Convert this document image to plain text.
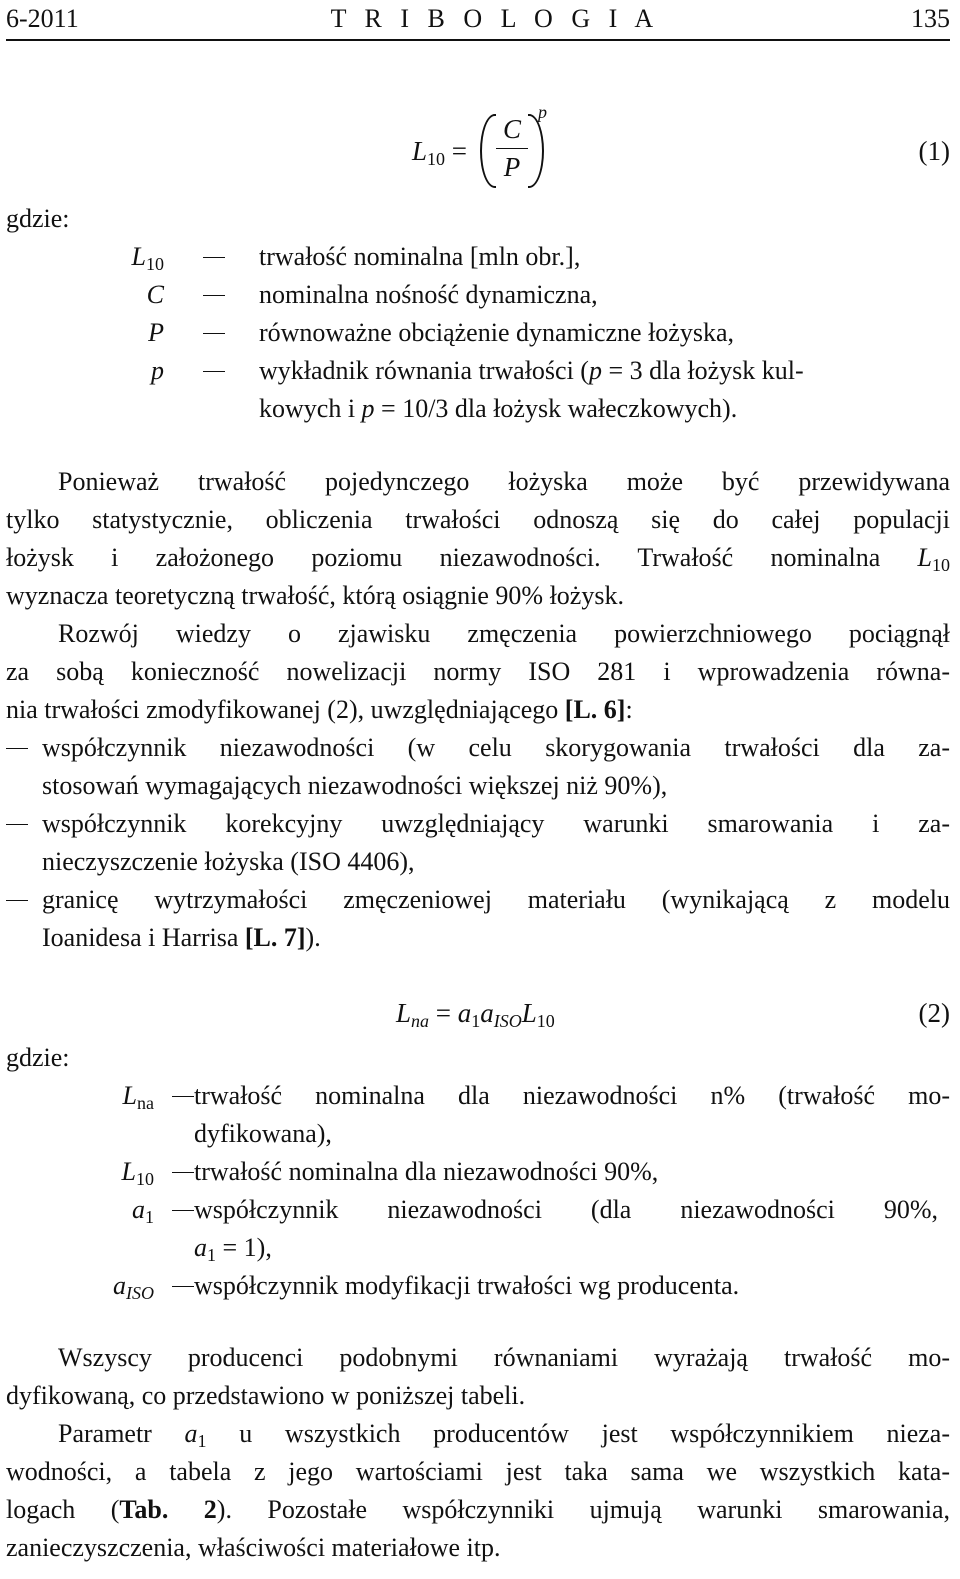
6-2011	T R I B O L O G I A	135
$L_{10}$ =
C
P
p
(1)
gdzie:
$L_{10}$	trwałość nominalna [mln obr.],
C	nominalna nośność dynamiczna,
P	równoważne obciążenie dynamiczne łożyska,
p	wykładnik równania trwałości (p = 3 dla łożysk kul-
kowych i p = 10/3 dla łożysk wałeczkowych).
Ponieważ trwałość pojedynczego łożyska może być przewidywana
tylko statystycznie, obliczenia trwałości odnoszą się do całej populacji
łożysk i założonego poziomu niezawodności. Trwałość nominalna $L_{10}$
wyznacza teoretyczną trwałość, którą osiągnie 90% łożysk.
Rozwój wiedzy o zjawisku zmęczenia powierzchniowego pociągnął
za sobą konieczność nowelizacji normy ISO 281 i wprowadzenia równa-
nia trwałości zmodyfikowanej (2), uwzględniającego [L. 6]:
współczynnik niezawodności (w celu skorygowania trwałości dla za-
stosowań wymagających niezawodności większej niż 90%),
współczynnik korekcyjny uwzględniający warunki smarowania i za-
nieczyszczenie łożyska (ISO 4406),
granicę wytrzymałości zmęczeniowej materiału (wynikającą z modelu
Ioanidesa i Harrisa [L. 7]).
$L_{na} = a_1a_{ISO}L_{10}$	(2)
gdzie:
$L_{na}$ trwałość nominalna dla niezawodności n% (trwałość mo-
dyfikowana),
$L_{10}$ trwałość nominalna dla niezawodności 90%,
$a_1$ współczynnik niezawodności (dla niezawodności 90%,
$a_1 = 1$),
$a_{ISO}$ współczynnik modyfikacji trwałości wg producenta.
Wszyscy producenci podobnymi równaniami wyrażają trwałość mo-
dyfikowaną, co przedstawiono w poniższej tabeli.
Parametr $a_1$ u wszystkich producentów jest współczynnikiem nieza-
wodności, a tabela z jego wartościami jest taka sama we wszystkich kata-
logach (Tab. 2). Pozostałe współczynniki ujmują warunki smarowania,
zanieczyszczenia, właściwości materiałowe itp.
